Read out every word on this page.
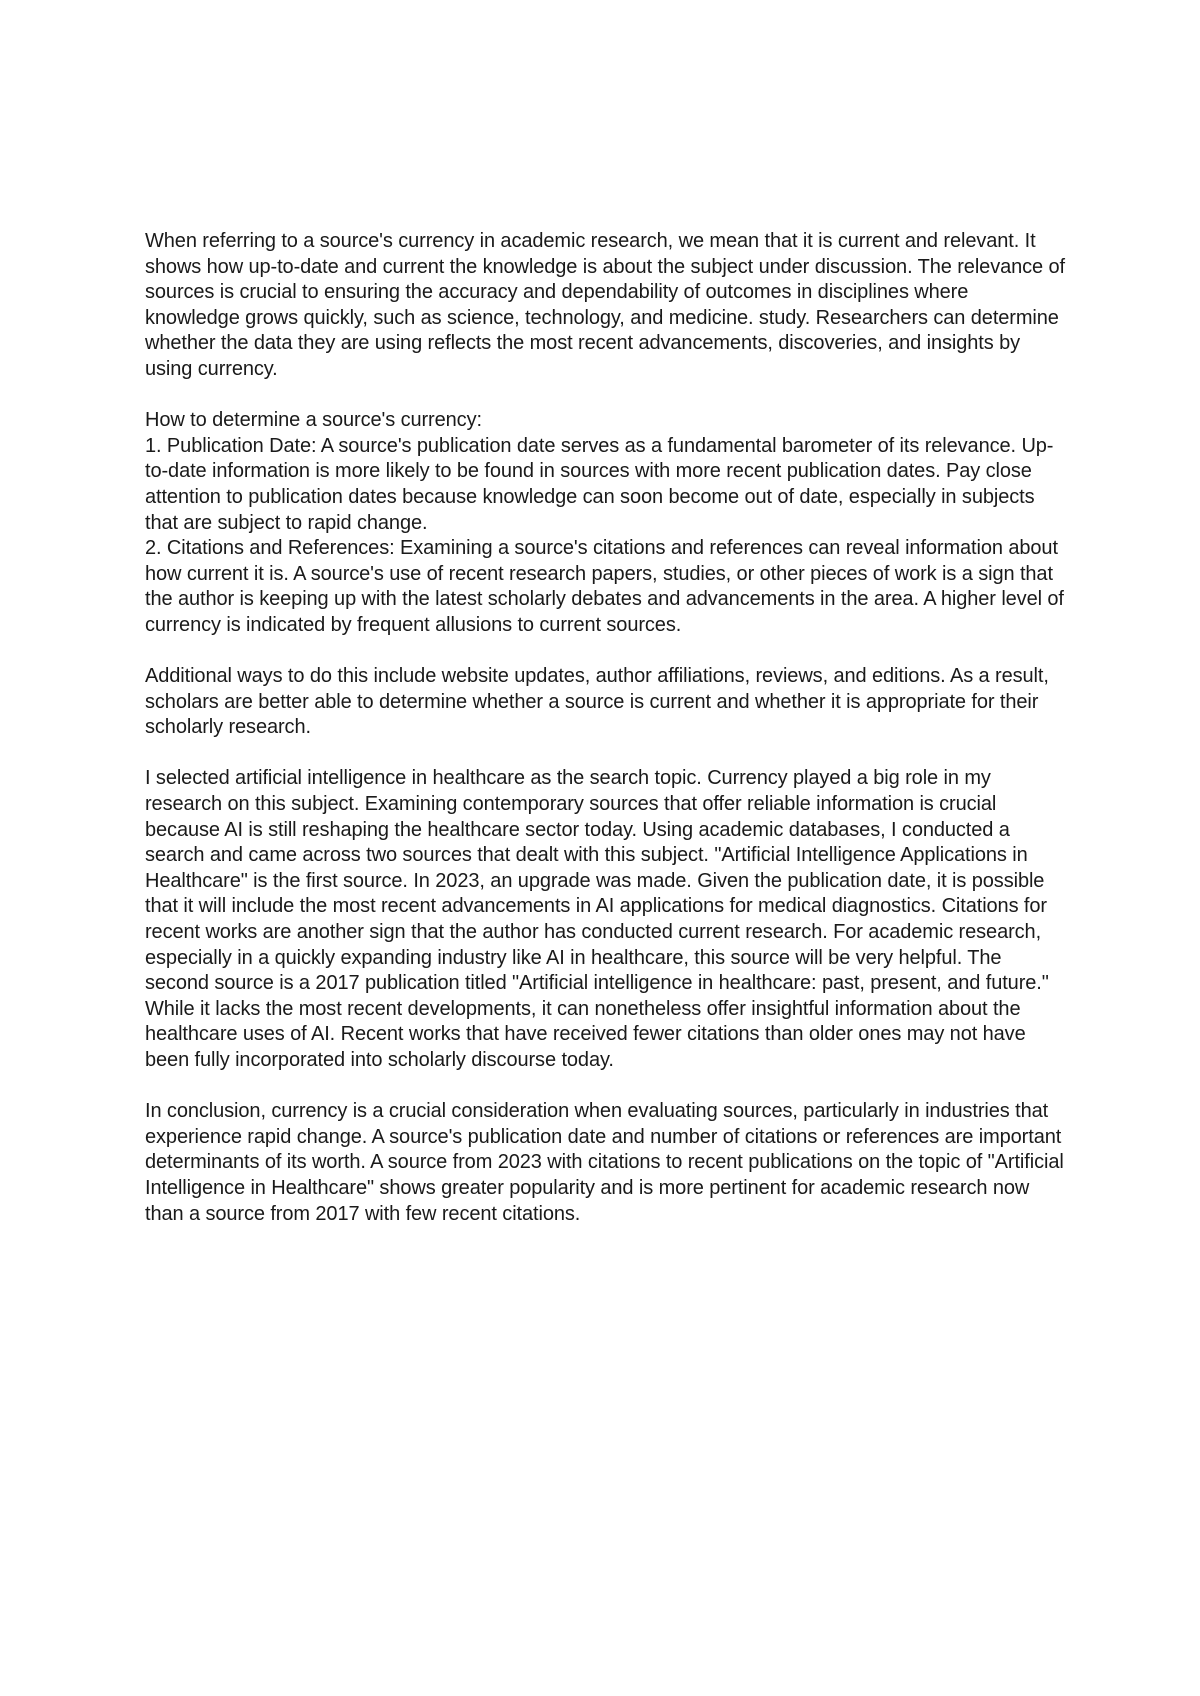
When referring to a source's currency in academic research, we mean that it is current and relevant. It shows how up-to-date and current the knowledge is about the subject under discussion. The relevance of sources is crucial to ensuring the accuracy and dependability of outcomes in disciplines where knowledge grows quickly, such as science, technology, and medicine. study. Researchers can determine whether the data they are using reflects the most recent advancements, discoveries, and insights by using currency.

How to determine a source's currency:

1. Publication Date: A source's publication date serves as a fundamental barometer of its relevance. Up-to-date information is more likely to be found in sources with more recent publication dates. Pay close attention to publication dates because knowledge can soon become out of date, especially in subjects that are subject to rapid change.

2. Citations and References: Examining a source's citations and references can reveal information about how current it is. A source's use of recent research papers, studies, or other pieces of work is a sign that the author is keeping up with the latest scholarly debates and advancements in the area. A higher level of currency is indicated by frequent allusions to current sources.

Additional ways to do this include website updates, author affiliations, reviews, and editions. As a result, scholars are better able to determine whether a source is current and whether it is appropriate for their scholarly research.

I selected artificial intelligence in healthcare as the search topic. Currency played a big role in my research on this subject. Examining contemporary sources that offer reliable information is crucial because AI is still reshaping the healthcare sector today. Using academic databases, I conducted a search and came across two sources that dealt with this subject. "Artificial Intelligence Applications in Healthcare" is the first source. In 2023, an upgrade was made. Given the publication date, it is possible that it will include the most recent advancements in AI applications for medical diagnostics. Citations for recent works are another sign that the author has conducted current research. For academic research, especially in a quickly expanding industry like AI in healthcare, this source will be very helpful. The second source is a 2017 publication titled "Artificial intelligence in healthcare: past, present, and future." While it lacks the most recent developments, it can nonetheless offer insightful information about the healthcare uses of AI. Recent works that have received fewer citations than older ones may not have been fully incorporated into scholarly discourse today.

In conclusion, currency is a crucial consideration when evaluating sources, particularly in industries that experience rapid change. A source's publication date and number of citations or references are important determinants of its worth. A source from 2023 with citations to recent publications on the topic of "Artificial Intelligence in Healthcare" shows greater popularity and is more pertinent for academic research now than a source from 2017 with few recent citations.
